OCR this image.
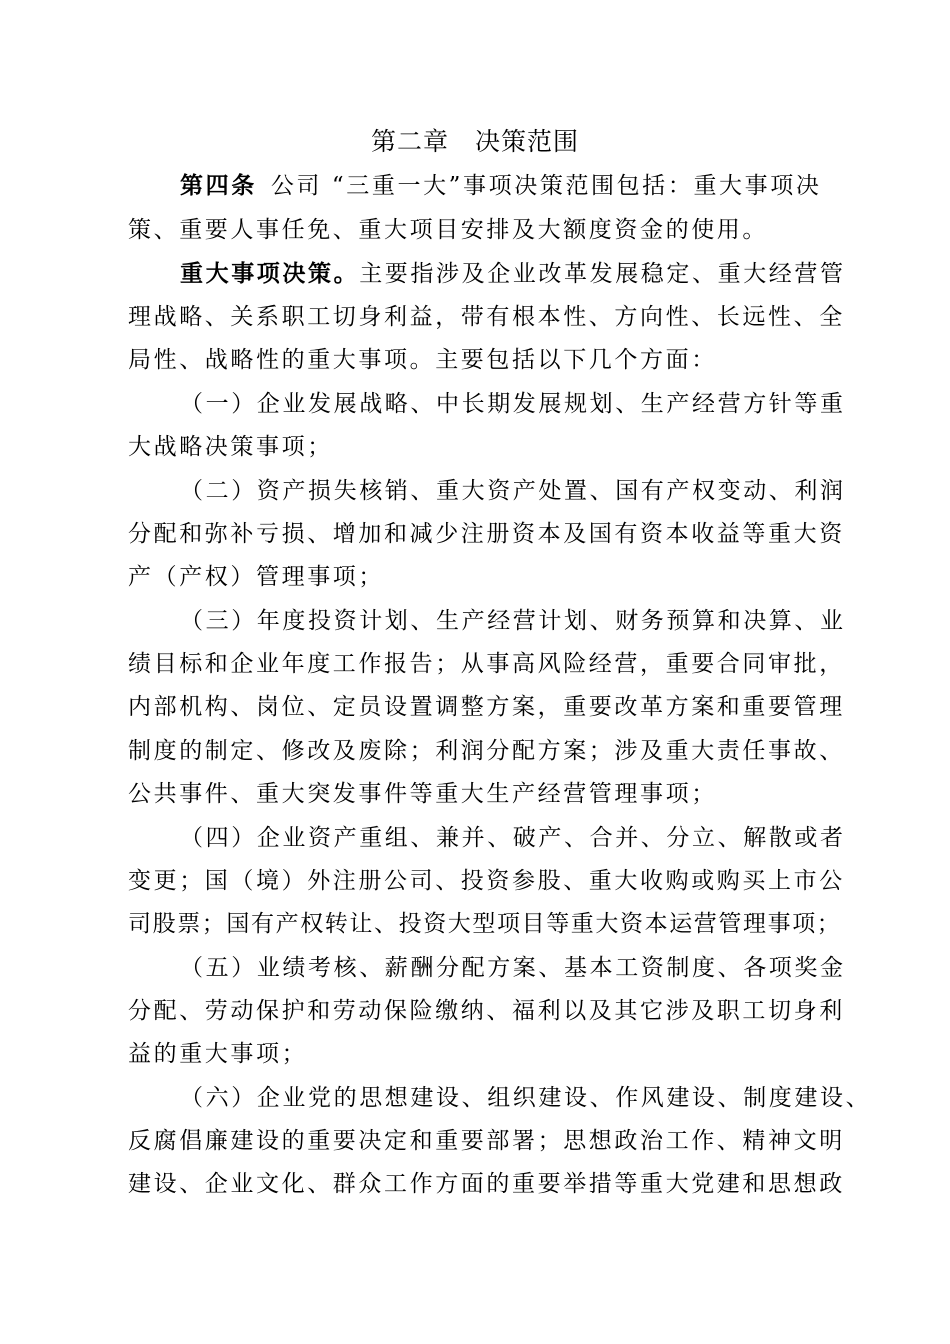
第二章 决策范围
第四条 公司 “三重一大”事项决策范围包括：重大事项决
策、重要人事任免、重大项目安排及大额度资金的使用。
重大事项决策。主要指涉及企业改革发展稳定、重大经营管
理战略、关系职工切身利益，带有根本性、方向性、长远性、全
局性、战略性的重大事项。主要包括以下几个方面：
（一）企业发展战略、中长期发展规划、生产经营方针等重
大战略决策事项；
（二）资产损失核销、重大资产处置、国有产权变动、利润
分配和弥补亏损、增加和减少注册资本及国有资本收益等重大资
产（产权）管理事项；
（三）年度投资计划、生产经营计划、财务预算和决算、业
绩目标和企业年度工作报告；从事高风险经营，重要合同审批，
内部机构、岗位、定员设置调整方案，重要改革方案和重要管理
制度的制定、修改及废除；利润分配方案；涉及重大责任事故、
公共事件、重大突发事件等重大生产经营管理事项；
（四）企业资产重组、兼并、破产、合并、分立、解散或者
变更；国（境）外注册公司、投资参股、重大收购或购买上市公
司股票；国有产权转让、投资大型项目等重大资本运营管理事项；
（五）业绩考核、薪酬分配方案、基本工资制度、各项奖金
分配、劳动保护和劳动保险缴纳、福利以及其它涉及职工切身利
益的重大事项；
（六）企业党的思想建设、组织建设、作风建设、制度建设、
反腐倡廉建设的重要决定和重要部署；思想政治工作、精神文明
建设、企业文化、群众工作方面的重要举措等重大党建和思想政
